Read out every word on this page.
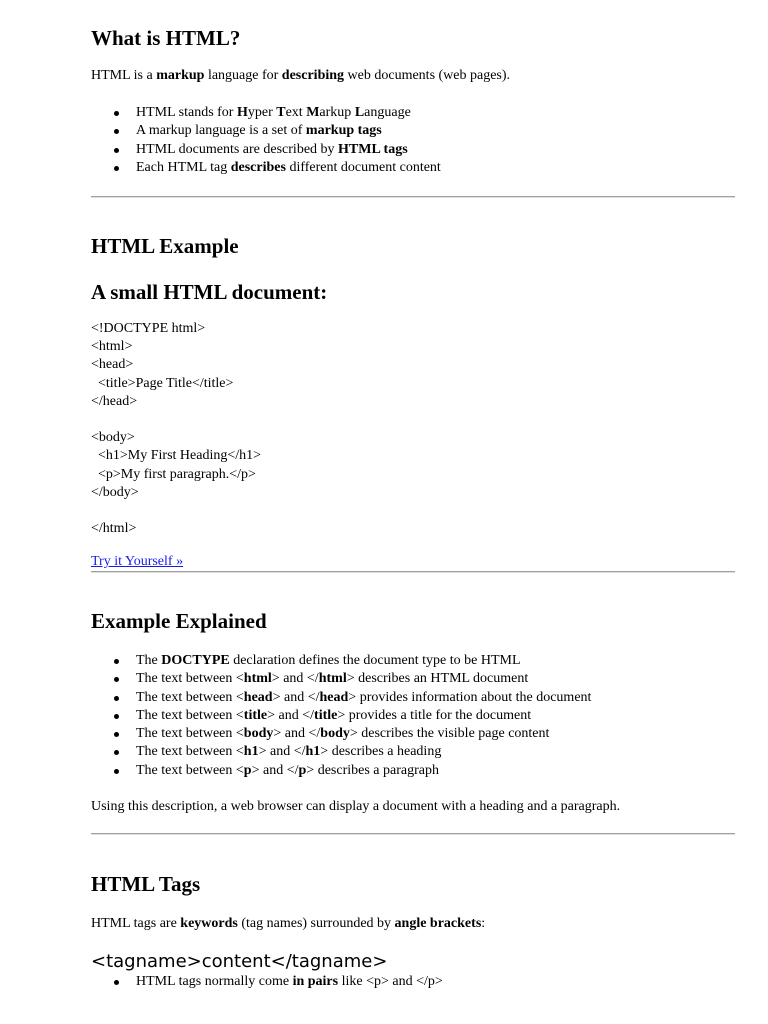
What is HTML?

HTML is a markup language for describing web documents (web pages).

HTML stands for Hyper Text Markup Language
A markup language is a set of markup tags
HTML documents are described by HTML tags
Each HTML tag describes different document content
HTML Example
A small HTML document:
<!DOCTYPE html>
<html>
<head>
<title>Page Title</title>
</head>
<body>
<h1>My First Heading</h1>
<p>My first paragraph.</p>
</body>
</html>
Try it Yourself »
Example Explained
The DOCTYPE declaration defines the document type to be HTML
The text between <html> and </html> describes an HTML document
The text between <head> and </head> provides information about the document
The text between <title> and </title> provides a title for the document
The text between <body> and </body> describes the visible page content
The text between <h1> and </h1> describes a heading
The text between <p> and </p> describes a paragraph

Using this description, a web browser can display a document with a heading and a paragraph.

HTML Tags

HTML tags are keywords (tag names) surrounded by angle brackets:

<tagname>content</tagname>

HTML tags normally come in pairs like <p> and </p>
